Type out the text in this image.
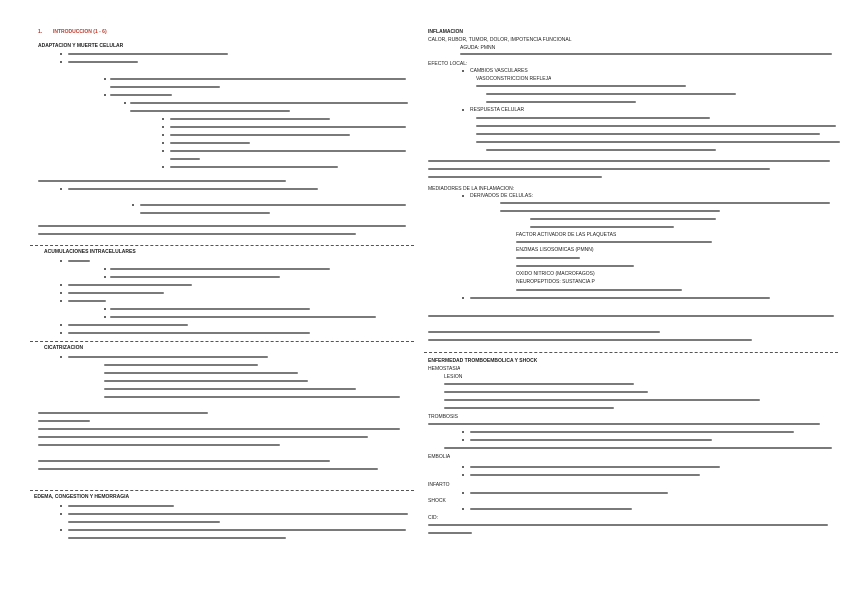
1. INTRODUCCIÓN (1 - 6)
ADAPTACIÓN Y MUERTE CELULAR
ACUMULACIONES INTRACELULARES
CICATRIZACIÓN
EDEMA, CONGESTIÓN Y HEMORRAGIA
INFLAMACIÓN
CALOR, RUBOR, TUMOR, DOLOR, IMPOTENCIA FUNCIONAL
AGUDA: PMNN
EFECTO LOCAL:
CAMBIOS VASCULARES
VASOCONSTRICCIÓN REFLEJA
RESPUESTA CELULAR
MEDIADORES DE LA INFLAMACIÓN:
DERIVADOS DE CÉLULAS:
FACTOR ACTIVADOR DE LAS PLAQUETAS
ENZIMAS LISOSÓMICAS (PMNN)
ÓXIDO NÍTRICO (MACRÓFAGOS)
NEUROPÉPTIDOS: SUSTANCIA P
ENFERMEDAD TROMBOEMBÓLICA Y SHOCK
HEMOSTASIA
LESIÓN
TROMBOSIS
EMBOLIA
INFARTO
SHOCK
CID:
